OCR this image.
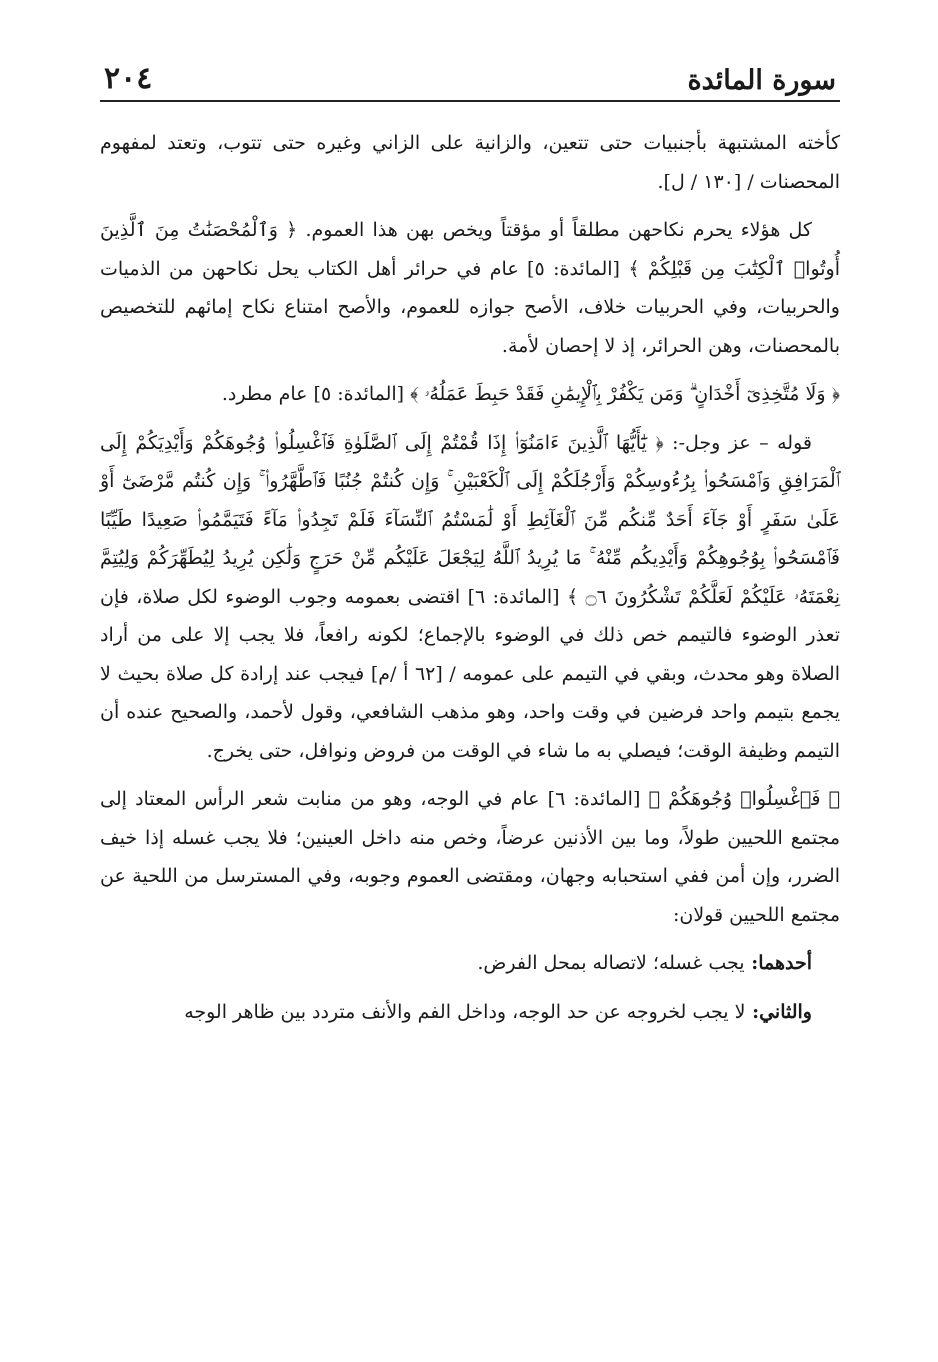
سورة المائدة
٢٠٤

كأخته المشتبهة بأجنبيات حتى تتعين، والزانية على الزاني وغيره حتى تتوب، وتعتد لمفهوم المحصنات / [١٣٠ / ل].

كل هؤلاء يحرم نكاحهن مطلقاً أو مؤقتاً ويخص بهن هذا العموم. ﴿ وَٱلْمُحْصَنَٰتُ مِنَ ٱلَّذِينَ أُوتُوا۟ ٱلْكِتَٰبَ مِن قَبْلِكُمْ ﴾ [المائدة: ٥] عام في حرائر أهل الكتاب يحل نكاحهن من الذميات والحربيات، وفي الحربيات خلاف، الأصح جوازه للعموم، والأصح امتناع نكاح إمائهم للتخصيص بالمحصنات، وهن الحرائر، إذ لا إحصان لأمة.

﴿ وَلَا مُتَّخِذِىٓ أَخْدَانٍ ۗ وَمَن يَكْفُرْ بِٱلْإِيمَٰنِ فَقَدْ حَبِطَ عَمَلُهُۥ ﴾ [المائدة: ٥] عام مطرد.

قوله – عز وجل-: ﴿ يَٰٓأَيُّهَا ٱلَّذِينَ ءَامَنُوٓا۟ إِذَا قُمْتُمْ إِلَى ٱلصَّلَوٰةِ فَٱغْسِلُوا۟ وُجُوهَكُمْ وَأَيْدِيَكُمْ إِلَى ٱلْمَرَافِقِ وَٱمْسَحُوا۟ بِرُءُوسِكُمْ وَأَرْجُلَكُمْ إِلَى ٱلْكَعْبَيْنِ ۚ وَإِن كُنتُمْ جُنُبًا فَٱطَّهَّرُوا۟ ۚ وَإِن كُنتُم مَّرْضَىٰٓ أَوْ عَلَىٰ سَفَرٍ أَوْ جَآءَ أَحَدٌ مِّنكُم مِّنَ ٱلْغَآئِطِ أَوْ لَٰمَسْتُمُ ٱلنِّسَآءَ فَلَمْ تَجِدُوا۟ مَآءً فَتَيَمَّمُوا۟ صَعِيدًا طَيِّبًا فَٱمْسَحُوا۟ بِوُجُوهِكُمْ وَأَيْدِيكُم مِّنْهُ ۚ مَا يُرِيدُ ٱللَّهُ لِيَجْعَلَ عَلَيْكُم مِّنْ حَرَجٍ وَلَٰكِن يُرِيدُ لِيُطَهِّرَكُمْ وَلِيُتِمَّ نِعْمَتَهُۥ عَلَيْكُمْ لَعَلَّكُمْ تَشْكُرُونَ ۝٦ ﴾ [المائدة: ٦] اقتضى بعمومه وجوب الوضوء لكل صلاة، فإن تعذر الوضوء فالتيمم خص ذلك في الوضوء بالإجماع؛ لكونه رافعاً، فلا يجب إلا على من أراد الصلاة وهو محدث، وبقي في التيمم على عمومه / [٦٢ أ /م] فيجب عند إرادة كل صلاة بحيث لا يجمع بتيمم واحد فرضين في وقت واحد، وهو مذهب الشافعي، وقول لأحمد، والصحيح عنده أن التيمم وظيفة الوقت؛ فيصلي به ما شاء في الوقت من فروض ونوافل، حتى يخرج.

﴿ فَٱغْسِلُوا۟ وُجُوهَكُمْ ﴾ [المائدة: ٦] عام في الوجه، وهو من منابت شعر الرأس المعتاد إلى مجتمع اللحيين طولاً، وما بين الأذنين عرضاً، وخص منه داخل العينين؛ فلا يجب غسله إذا خيف الضرر، وإن أمن ففي استحبابه وجهان، ومقتضى العموم وجوبه، وفي المسترسل من اللحية عن مجتمع اللحيين قولان:

أحدهما: يجب غسله؛ لاتصاله بمحل الفرض.

والثاني: لا يجب لخروجه عن حد الوجه، وداخل الفم والأنف متردد بين ظاهر الوجه
